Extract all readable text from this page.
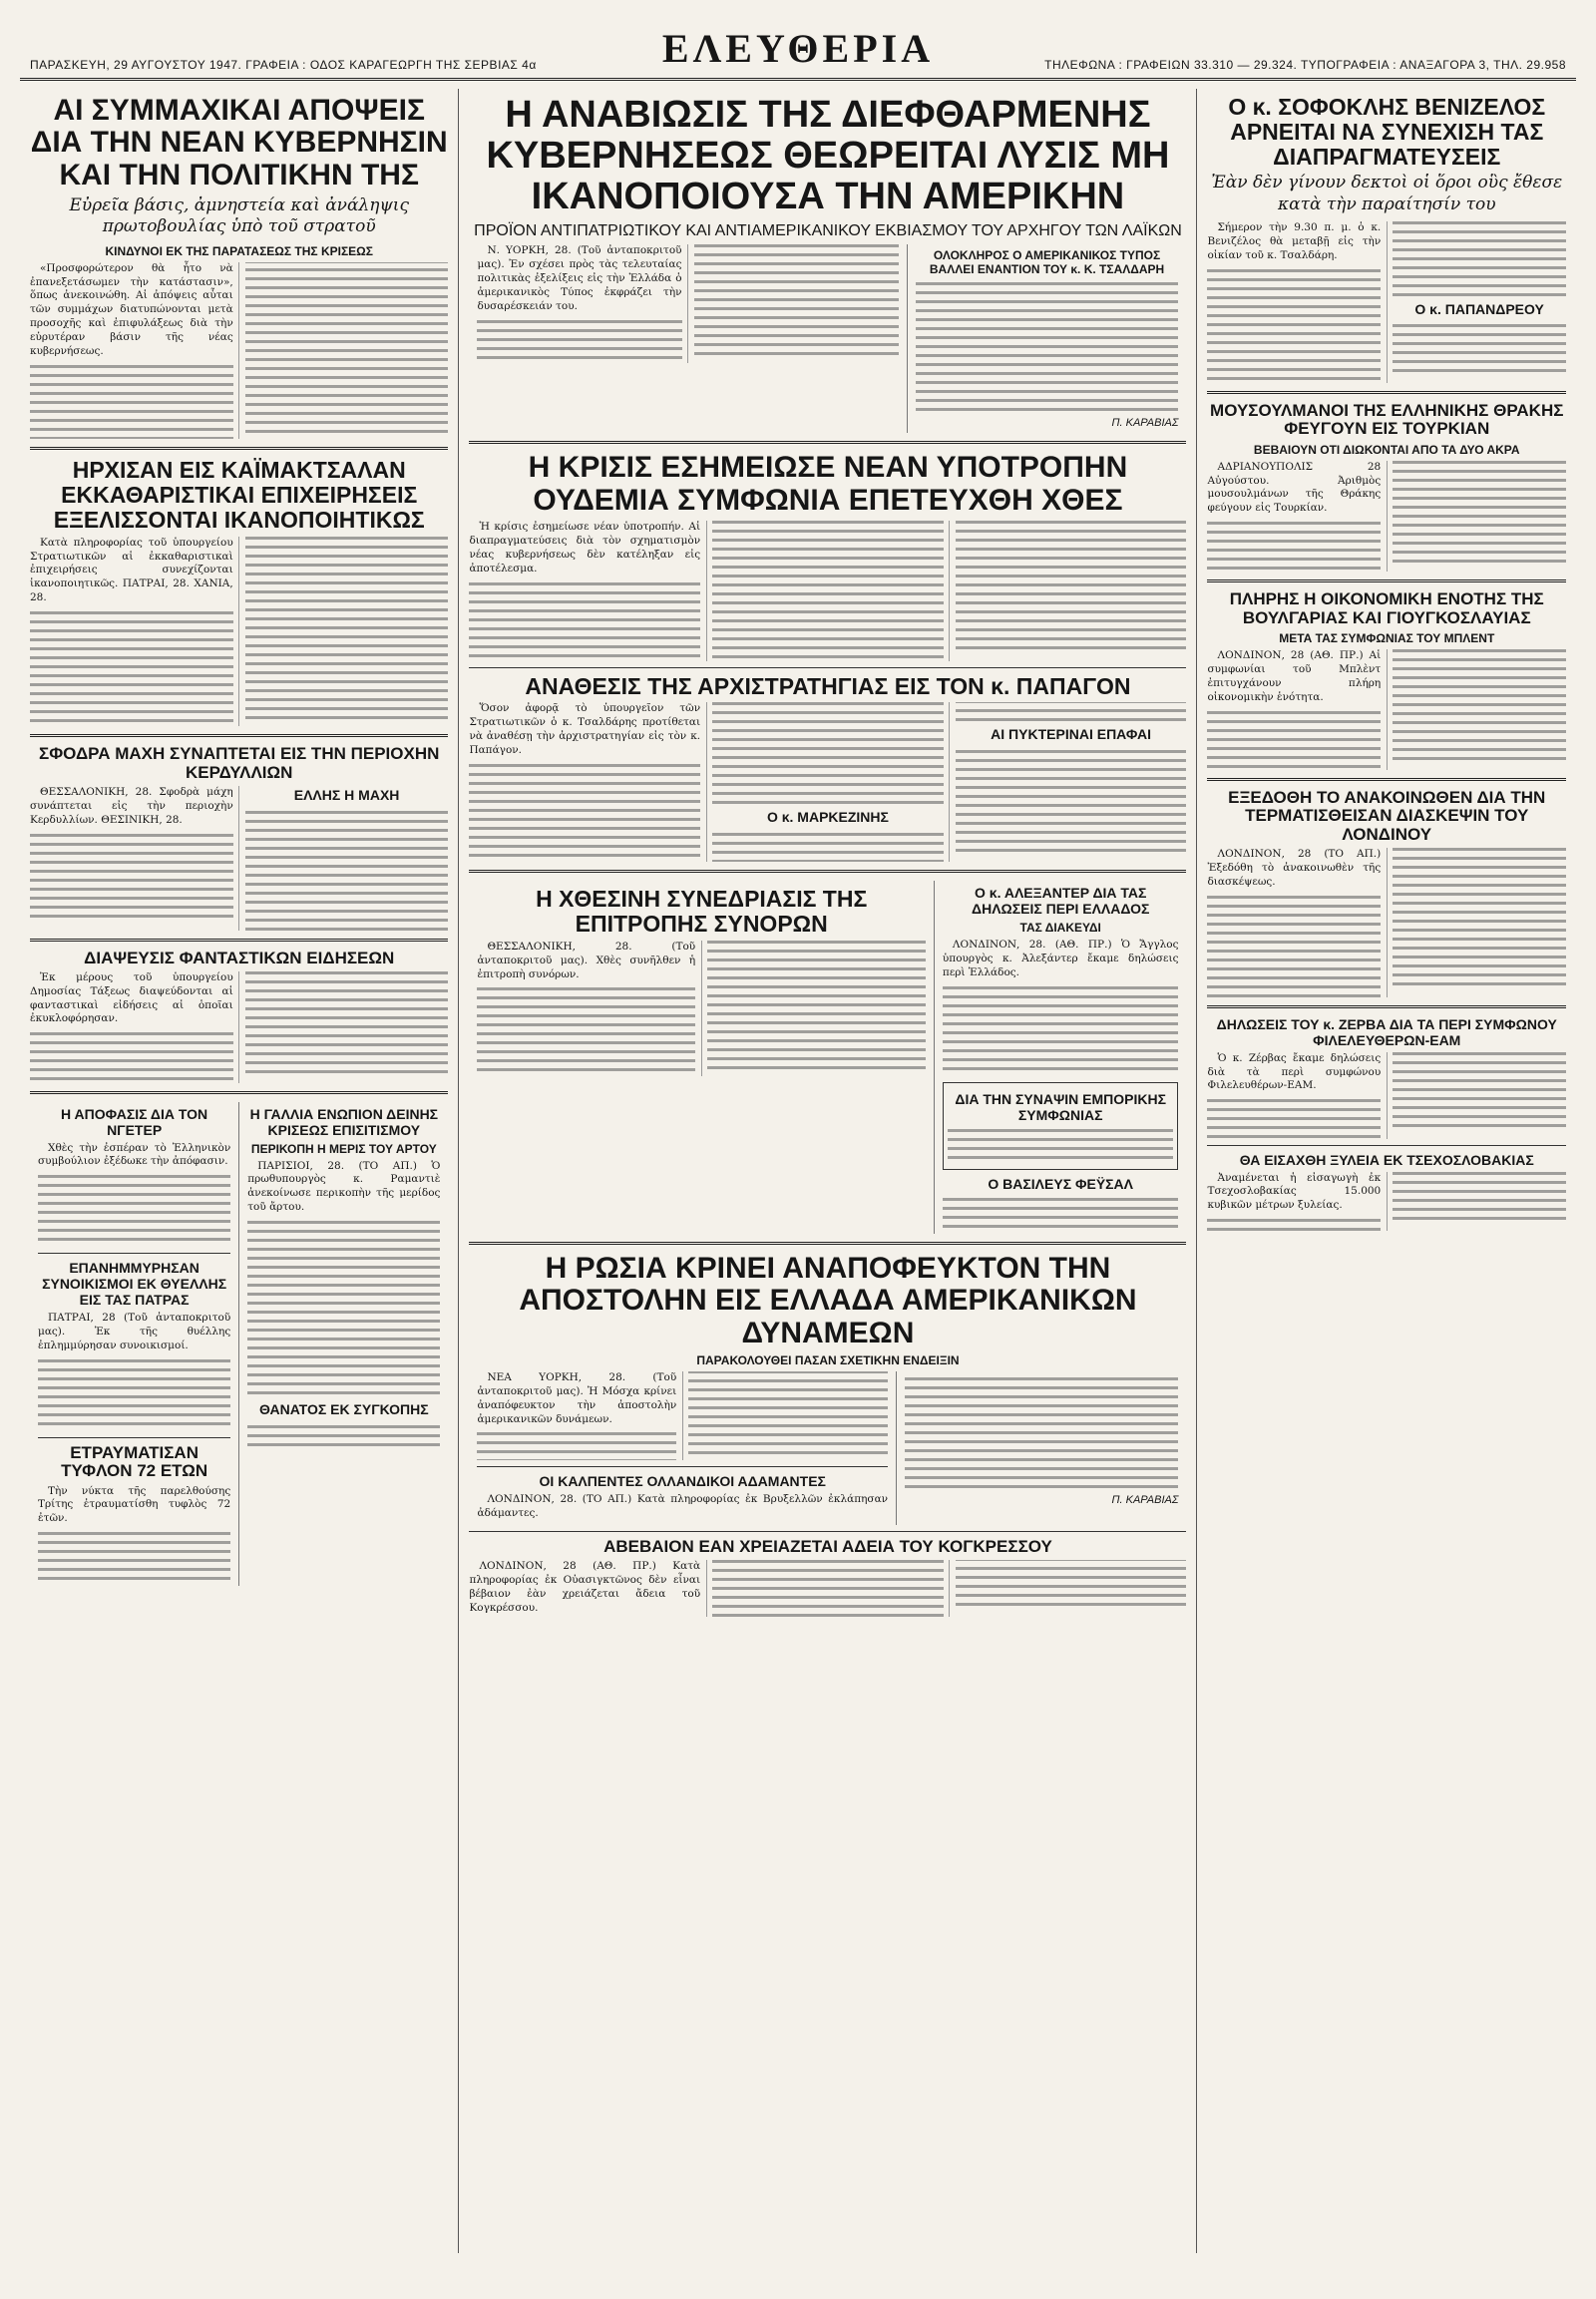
ΠΑΡΑΣΚΕΥΗ, 29 ΑΥΓΟΥΣΤΟΥ 1947. ΓΡΑΦΕΙΑ : ΟΔΟΣ ΚΑΡΑΓΕΩΡΓΗ ΤΗΣ ΣΕΡΒΙΑΣ 4α	ΕΛΕΥΘΕΡΙΑ	ΤΗΛΕΦΩΝΑ : ΓΡΑΦΕΙΩΝ 33.310 — 29.324. ΤΥΠΟΓΡΑΦΕΙΑ : ΑΝΑΞΑΓΟΡΑ 3, ΤΗΛ. 29.958
ΑΙ ΣΥΜΜΑΧΙΚΑΙ ΑΠΟΨΕΙΣ ΔΙΑ ΤΗΝ ΝΕΑΝ ΚΥΒΕΡΝΗΣΙΝ ΚΑΙ ΤΗΝ ΠΟΛΙΤΙΚΗΝ ΤΗΣ
Εὐρεῖα βάσις, ἀμνηστεία καὶ ἀνάληψις πρωτοβουλίας ὑπὸ τοῦ στρατοῦ
ΚΙΝΔΥΝΟΙ ΕΚ ΤΗΣ ΠΑΡΑΤΑΣΕΩΣ ΤΗΣ ΚΡΙΣΕΩΣ

«Προσφορώτερον θὰ ἦτο νὰ ἐπανεξετάσωμεν τὴν κατάστασιν», ὅπως ἀνεκοινώθη. Αἱ ἀπόψεις αὗται τῶν συμμάχων διατυπώνονται μετὰ προσοχῆς καὶ ἐπιφυλάξεως διὰ τὴν εὐρυτέραν βάσιν τῆς νέας κυβερνήσεως.

ΗΡΧΙΣΑΝ ΕΙΣ ΚΑΪΜΑΚΤΣΑΛΑΝ ΕΚΚΑΘΑΡΙΣΤΙΚΑΙ ΕΠΙΧΕΙΡΗΣΕΙΣ ΕΞΕΛΙΣΣΟΝΤΑΙ ΙΚΑΝΟΠΟΙΗΤΙΚΩΣ

Κατὰ πληροφορίας τοῦ ὑπουργείου Στρατιωτικῶν αἱ ἐκκαθαριστικαὶ ἐπιχειρήσεις συνεχίζονται ἱκανοποιητικῶς. ΠΑΤΡΑΙ, 28. ΧΑΝΙΑ, 28.

ΣΦΟΔΡΑ ΜΑΧΗ ΣΥΝΑΠΤΕΤΑΙ ΕΙΣ ΤΗΝ ΠΕΡΙΟΧΗΝ ΚΕΡΔΥΛΛΙΩΝ

ΘΕΣΣΑΛΟΝΙΚΗ, 28. Σφοδρὰ μάχη συνάπτεται εἰς τὴν περιοχὴν Κερδυλλίων. ΘΕΣΙΝΙΚΗ, 28.

ΕΛΛΗΣ Η ΜΑΧΗ
ΔΙΑΨΕΥΣΙΣ ΦΑΝΤΑΣΤΙΚΩΝ ΕΙΔΗΣΕΩΝ

Ἐκ μέρους τοῦ ὑπουργείου Δημοσίας Τάξεως διαψεύδονται αἱ φανταστικαὶ εἰδήσεις αἱ ὁποῖαι ἐκυκλοφόρησαν.

Η ΑΠΟΦΑΣΙΣ ΔΙΑ ΤΟΝ ΝΓΕΤΕΡ

Χθὲς τὴν ἐσπέραν τὸ Ἐλληνικὸν συμβούλιον ἐξέδωκε τὴν ἀπόφασιν.

ΕΠΑΝΗΜΜΥΡΗΣΑΝ ΣΥΝΟΙΚΙΣΜΟΙ ΕΚ ΘΥΕΛΛΗΣ ΕΙΣ ΤΑΣ ΠΑΤΡΑΣ

ΠΑΤΡΑΙ, 28 (Τοῦ ἀνταποκριτοῦ μας). Ἐκ τῆς θυέλλης ἐπλημμύρησαν συνοικισμοί.

ΕΤΡΑΥΜΑΤΙΣΑΝ ΤΥΦΛΟΝ 72 ΕΤΩΝ

Τὴν νύκτα τῆς παρελθούσης Τρίτης ἐτραυματίσθη τυφλὸς 72 ἐτῶν.

Η ΓΑΛΛΙΑ ΕΝΩΠΙΟΝ ΔΕΙΝΗΣ ΚΡΙΣΕΩΣ ΕΠΙΣΙΤΙΣΜΟΥ
ΠΕΡΙΚΟΠΗ Η ΜΕΡΙΣ ΤΟΥ ΑΡΤΟΥ

ΠΑΡΙΣΙΟΙ, 28. (ΤΟ ΑΠ.) Ὁ πρωθυπουργὸς κ. Ραμαντιὲ ἀνεκοίνωσε περικοπὴν τῆς μερίδος τοῦ ἄρτου.

ΘΑΝΑΤΟΣ ΕΚ ΣΥΓΚΟΠΗΣ
Η ΑΝΑΒΙΩΣΙΣ ΤΗΣ ΔΙΕΦΘΑΡΜΕΝΗΣ ΚΥΒΕΡΝΗΣΕΩΣ ΘΕΩΡΕΙΤΑΙ ΛΥΣΙΣ ΜΗ ΙΚΑΝΟΠΟΙΟΥΣΑ ΤΗΝ ΑΜΕΡΙΚΗΝ
ΠΡΟΪΟΝ ΑΝΤΙΠΑΤΡΙΩΤΙΚΟΥ ΚΑΙ ΑΝΤΙΑΜΕΡΙΚΑΝΙΚΟΥ ΕΚΒΙΑΣΜΟΥ ΤΟΥ ΑΡΧΗΓΟΥ ΤΩΝ ΛΑΪΚΩΝ

Ν. ΥΟΡΚΗ, 28. (Τοῦ ἀνταποκριτοῦ μας). Ἐν σχέσει πρὸς τὰς τελευταίας πολιτικὰς ἐξελίξεις εἰς τὴν Ἑλλάδα ὁ ἀμερικανικὸς Τύπος ἐκφράζει τὴν δυσαρέσκειάν του.

ΟΛΟΚΛΗΡΟΣ Ο ΑΜΕΡΙΚΑΝΙΚΟΣ ΤΥΠΟΣ ΒΑΛΛΕΙ ΕΝΑΝΤΙΟΝ ΤΟΥ κ. Κ. ΤΣΑΛΔΑΡΗ
Π. ΚΑΡΑΒΙΑΣ
Η ΚΡΙΣΙΣ ΕΣΗΜΕΙΩΣΕ ΝΕΑΝ ΥΠΟΤΡΟΠΗΝ ΟΥΔΕΜΙΑ ΣΥΜΦΩΝΙΑ ΕΠΕΤΕΥΧΘΗ ΧΘΕΣ

Ἡ κρίσις ἐσημείωσε νέαν ὑποτροπήν. Αἱ διαπραγματεύσεις διὰ τὸν σχηματισμὸν νέας κυβερνήσεως δὲν κατέληξαν εἰς ἀποτέλεσμα.

ΑΝΑΘΕΣΙΣ ΤΗΣ ΑΡΧΙΣΤΡΑΤΗΓΙΑΣ ΕΙΣ ΤΟΝ κ. ΠΑΠΑΓΟΝ

Ὅσον ἀφορᾷ τὸ ὑπουργεῖον τῶν Στρατιωτικῶν ὁ κ. Τσαλδάρης προτίθεται νὰ ἀναθέσῃ τὴν ἀρχιστρατηγίαν εἰς τὸν κ. Παπάγον.

Ο κ. ΜΑΡΚΕΖΙΝΗΣ
ΑΙ ΠΥΚΤΕΡΙΝΑΙ ΕΠΑΦΑΙ
Η ΧΘΕΣΙΝΗ ΣΥΝΕΔΡΙΑΣΙΣ ΤΗΣ ΕΠΙΤΡΟΠΗΣ ΣΥΝΟΡΩΝ

ΘΕΣΣΑΛΟΝΙΚΗ, 28. (Τοῦ ἀνταποκριτοῦ μας). Χθὲς συνῆλθεν ἡ ἐπιτροπὴ συνόρων.

Ο κ. ΑΛΕΞΑΝΤΕΡ ΔΙΑ ΤΑΣ ΔΗΛΩΣΕΙΣ ΠΕΡΙ ΕΛΛΑΔΟΣ
ΤΑΣ ΔΙΑΚΕΥΔΙ

ΛΟΝΔΙΝΟΝ, 28. (ΑΘ. ΠΡ.) Ὁ Ἄγγλος ὑπουργὸς κ. Ἀλεξάντερ ἔκαμε δηλώσεις περὶ Ἑλλάδος.

ΔΙΑ ΤΗΝ ΣΥΝΑΨΙΝ ΕΜΠΟΡΙΚΗΣ ΣΥΜΦΩΝΙΑΣ
Ο ΒΑΣΙΛΕΥΣ ΦΕΫΣΑΛ
Η ΡΩΣΙΑ ΚΡΙΝΕΙ ΑΝΑΠΟΦΕΥΚΤΟΝ ΤΗΝ ΑΠΟΣΤΟΛΗΝ ΕΙΣ ΕΛΛΑΔΑ ΑΜΕΡΙΚΑΝΙΚΩΝ ΔΥΝΑΜΕΩΝ
ΠΑΡΑΚΟΛΟΥΘΕΙ ΠΑΣΑΝ ΣΧΕΤΙΚΗΝ ΕΝΔΕΙΞΙΝ

ΝΕΑ ΥΟΡΚΗ, 28. (Τοῦ ἀνταποκριτοῦ μας). Ἡ Μόσχα κρίνει ἀναπόφευκτον τὴν ἀποστολὴν ἀμερικανικῶν δυνάμεων.

ΟΙ ΚΑΛΠΕΝΤΕΣ ΟΛΛΑΝΔΙΚΟΙ ΑΔΑΜΑΝΤΕΣ

ΛΟΝΔΙΝΟΝ, 28. (ΤΟ ΑΠ.) Κατὰ πληροφορίας ἐκ Βρυξελλῶν ἐκλάπησαν ἀδάμαντες.

Π. ΚΑΡΑΒΙΑΣ
ΑΒΕΒΑΙΟΝ ΕΑΝ ΧΡΕΙΑΖΕΤΑΙ ΑΔΕΙΑ ΤΟΥ ΚΟΓΚΡΕΣΣΟΥ

ΛΟΝΔΙΝΟΝ, 28 (ΑΘ. ΠΡ.) Κατὰ πληροφορίας ἐκ Οὐασιγκτῶνος δὲν εἶναι βέβαιον ἐὰν χρειάζεται ἄδεια τοῦ Κογκρέσσου.

Ο κ. ΣΟΦΟΚΛΗΣ ΒΕΝΙΖΕΛΟΣ ΑΡΝΕΙΤΑΙ ΝΑ ΣΥΝΕΧΙΣΗ ΤΑΣ ΔΙΑΠΡΑΓΜΑΤΕΥΣΕΙΣ
Ἐὰν δὲν γίνουν δεκτοὶ οἱ ὅροι οὓς ἔθεσε κατὰ τὴν παραίτησίν του

Σήμερον τὴν 9.30 π. μ. ὁ κ. Βενιζέλος θὰ μεταβῇ εἰς τὴν οἰκίαν τοῦ κ. Τσαλδάρη.

Ο κ. ΠΑΠΑΝΔΡΕΟΥ
ΜΟΥΣΟΥΛΜΑΝΟΙ ΤΗΣ ΕΛΛΗΝΙΚΗΣ ΘΡΑΚΗΣ ΦΕΥΓΟΥΝ ΕΙΣ ΤΟΥΡΚΙΑΝ
ΒΕΒΑΙΟΥΝ ΟΤΙ ΔΙΩΚΟΝΤΑΙ ΑΠΟ ΤΑ ΔΥΟ ΑΚΡΑ

ΑΔΡΙΑΝΟΥΠΟΛΙΣ 28 Αὐγούστου. Ἀριθμὸς μουσουλμάνων τῆς Θράκης φεύγουν εἰς Τουρκίαν.

ΠΛΗΡΗΣ Η ΟΙΚΟΝΟΜΙΚΗ ΕΝΟΤΗΣ ΤΗΣ ΒΟΥΛΓΑΡΙΑΣ ΚΑΙ ΓΙΟΥΓΚΟΣΛΑΥΙΑΣ
ΜΕΤΑ ΤΑΣ ΣΥΜΦΩΝΙΑΣ ΤΟΥ ΜΠΛΕΝΤ

ΛΟΝΔΙΝΟΝ, 28 (ΑΘ. ΠΡ.) Αἱ συμφωνίαι τοῦ Μπλὲντ ἐπιτυγχάνουν πλήρη οἰκονομικὴν ἑνότητα.

ΕΞΕΔΟΘΗ ΤΟ ΑΝΑΚΟΙΝΩΘΕΝ ΔΙΑ ΤΗΝ ΤΕΡΜΑΤΙΣΘΕΙΣΑΝ ΔΙΑΣΚΕΨΙΝ ΤΟΥ ΛΟΝΔΙΝΟΥ

ΛΟΝΔΙΝΟΝ, 28 (ΤΟ ΑΠ.) Ἐξεδόθη τὸ ἀνακοινωθὲν τῆς διασκέψεως.

ΔΗΛΩΣΕΙΣ ΤΟΥ κ. ΖΕΡΒΑ ΔΙΑ ΤΑ ΠΕΡΙ ΣΥΜΦΩΝΟΥ ΦΙΛΕΛΕΥΘΕΡΩΝ-ΕΑΜ

Ὁ κ. Ζέρβας ἔκαμε δηλώσεις διὰ τὰ περὶ συμφώνου Φιλελευθέρων-ΕΑΜ.

ΘΑ ΕΙΣΑΧΘΗ ΞΥΛΕΙΑ ΕΚ ΤΣΕΧΟΣΛΟΒΑΚΙΑΣ

Ἀναμένεται ἡ εἰσαγωγὴ ἐκ Τσεχοσλοβακίας 15.000 κυβικῶν μέτρων ξυλείας.
